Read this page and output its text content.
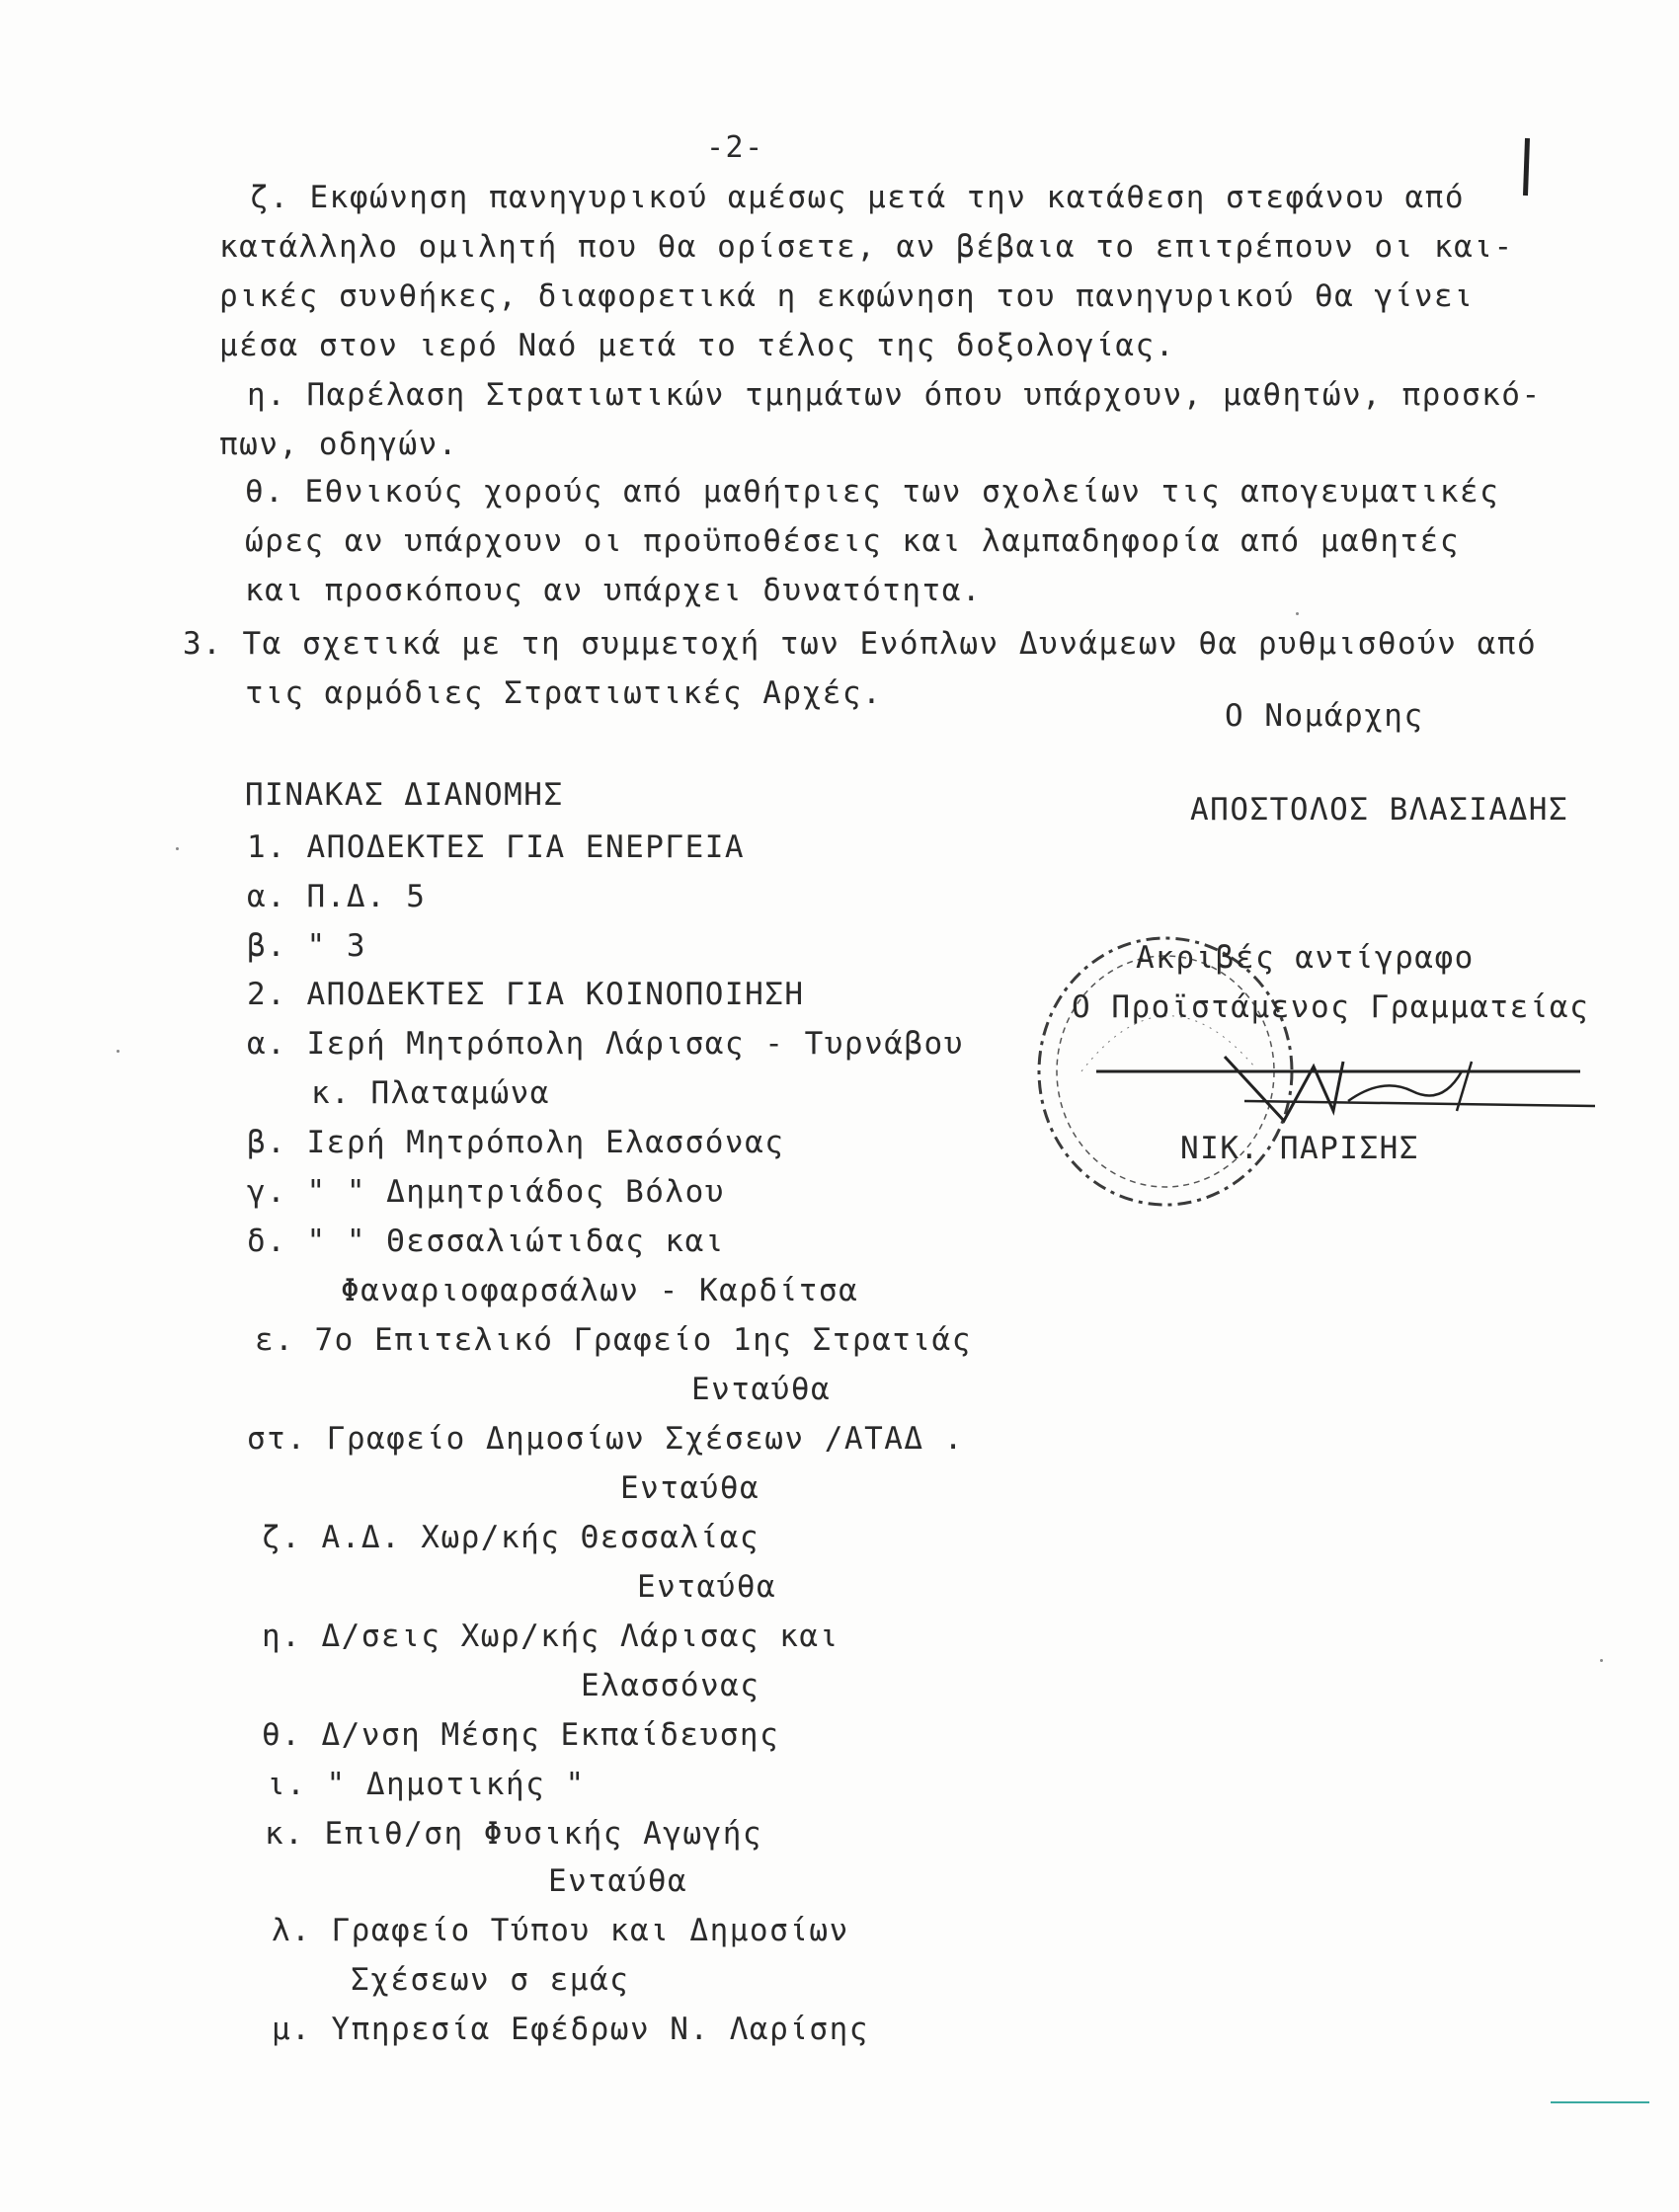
-2-
ζ. Εκφώνηση πανηγυρικού αμέσως μετά την κατάθεση στεφάνου από
κατάλληλο ομιλητή που θα ορίσετε, αν βέβαια το επιτρέπουν οι και-
ρικές συνθήκες, διαφορετικά η εκφώνηση του πανηγυρικού θα γίνει
μέσα στον ιερό Ναό μετά το τέλος της δοξολογίας.
η. Παρέλαση Στρατιωτικών τμημάτων όπου υπάρχουν, μαθητών, προσκό-
πων, οδηγών.
θ. Εθνικούς χορούς από μαθήτριες των σχολείων τις απογευματικές
ώρες αν υπάρχουν οι προϋποθέσεις και λαμπαδηφορία από μαθητές
και προσκόπους αν υπάρχει δυνατότητα.
3. Τα σχετικά με τη συμμετοχή των Ενόπλων Δυνάμεων θα ρυθμισθούν από
τις αρμόδιες Στρατιωτικές Αρχές.
Ο Νομάρχης
ΑΠΟΣΤΟΛΟΣ ΒΛΑΣΙΑΔΗΣ
ΠΙΝΑΚΑΣ ΔΙΑΝΟΜΗΣ
1. ΑΠΟΔΕΚΤΕΣ ΓΙΑ ΕΝΕΡΓΕΙΑ
α. Π.Δ. 5
β. " 3
2. ΑΠΟΔΕΚΤΕΣ ΓΙΑ ΚΟΙΝΟΠΟΙΗΣΗ
α. Ιερή Μητρόπολη Λάρισας - Τυρνάβου
κ. Πλαταμώνα
β. Ιερή Μητρόπολη Ελασσόνας
γ. " " Δημητριάδος Βόλου
δ. " " Θεσσαλιώτιδας και
Φαναριοφαρσάλων - Καρδίτσα
ε. 7ο Επιτελικό Γραφείο 1ης Στρατιάς
Ενταύθα
στ. Γραφείο Δημοσίων Σχέσεων /ΑΤΑΔ .
Ενταύθα
ζ. Α.Δ. Χωρ/κής Θεσσαλίας
Ενταύθα
η. Δ/σεις Χωρ/κής Λάρισας και
Ελασσόνας
θ. Δ/νση Μέσης Εκπαίδευσης
ι. " Δημοτικής "
κ. Επιθ/ση Φυσικής Αγωγής
Ενταύθα
λ. Γραφείο Τύπου και Δημοσίων
Σχέσεων σ εμάς
μ. Υπηρεσία Εφέδρων Ν. Λαρίσης
Ακριβές αντίγραφο
Ο Προϊστάμενος Γραμματείας
ΝΙΚ. ΠΑΡΙΣΗΣ
